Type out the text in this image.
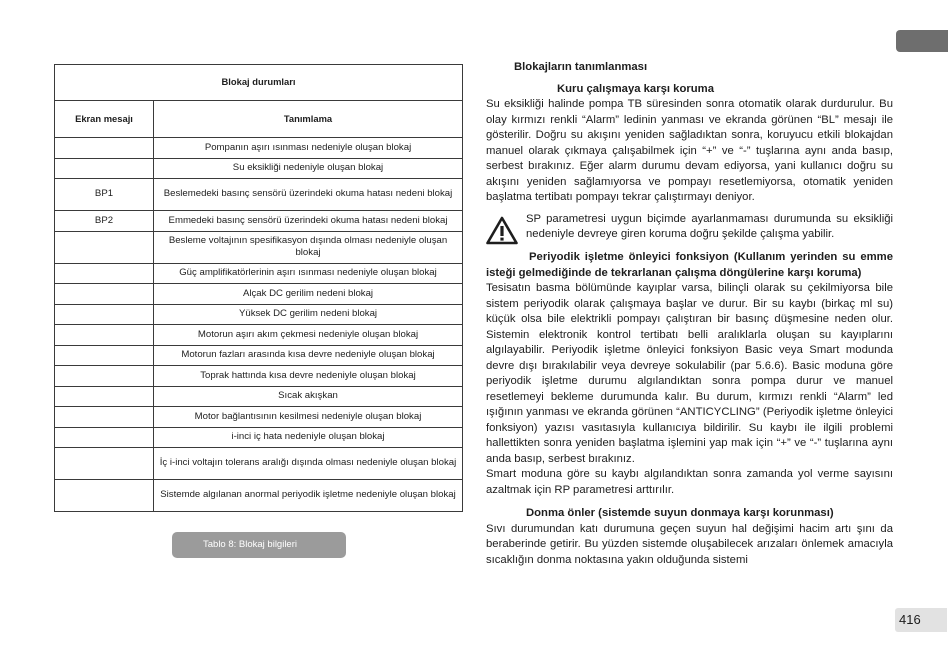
Blokaj durumları	
Ekran mesajı	Tanımlama
	Pompanın aşırı ısınması nedeniyle oluşan blokaj
	Su eksikliği nedeniyle oluşan blokaj
BP1	Beslemedeki basınç sensörü üzerindeki okuma hatası nedeni blokaj
BP2	Emmedeki basınç sensörü üzerindeki okuma hatası nedeni blokaj
	Besleme voltajının spesifikasyon dışında olması nedeniyle oluşan blokaj
	Güç amplifikatörlerinin aşırı ısınması nedeniyle oluşan blokaj
	Alçak DC gerilim nedeni blokaj
	Yüksek DC gerilim nedeni blokaj
	Motorun aşırı akım çekmesi nedeniyle oluşan blokaj
	Motorun fazları arasında kısa devre nedeniyle oluşan blokaj
	Toprak hattında kısa devre nedeniyle oluşan blokaj
	Sıcak akışkan
	Motor bağlantısının kesilmesi nedeniyle oluşan blokaj
	i-inci iç hata nedeniyle oluşan blokaj
	İç i-inci voltajın tolerans aralığı dışında olması nedeniyle oluşan blokaj
	Sistemde algılanan anormal periyodik işletme nedeniyle oluşan blokaj
Tablo 8: Blokaj bilgileri

Blokajların tanımlanması

Kuru çalışmaya karşı koruma

Su eksikliği halinde pompa TB süresinden sonra otomatik olarak durdurulur. Bu olay kırmızı renkli “Alarm” ledinin yanması ve ekranda görünen “BL” mesajı ile gösterilir. Doğru su akışını yeniden sağladıktan sonra, koruyucu etkili blokajdan manuel olarak çıkmaya çalışabilmek için “+” ve “-” tuşlarına aynı anda basıp, serbest bırakınız. Eğer alarm durumu devam ediyorsa, yani kullanıcı doğru su akışını yeniden sağlamıyorsa ve pompayı resetlemiyorsa, otomatik yeniden başlatma tertibatı pompayı tekrar çalıştırmayı deniyor.

SP parametresi uygun biçimde ayarlanmaması durumunda su eksikliği nedeniyle devreye giren koruma doğru şekilde çalışma yabilir.

Periyodik işletme önleyici fonksiyon (Kullanım yerinden su emme isteği gelmediğinde de tekrarlanan çalışma döngülerine karşı koruma)

Tesisatın basma bölümünde kayıplar varsa, bilinçli olarak su çekilmiyorsa bile sistem periyodik olarak çalışmaya başlar ve durur. Bir su kaybı (birkaç ml su) küçük olsa bile elektrikli pompayı çalıştıran bir basınç düşmesine neden olur. Sistemin elektronik kontrol tertibatı belli aralıklarla oluşan su kayıplarını algılayabilir. Periyodik işletme önleyici fonksiyon Basic veya Smart modunda devre dışı bırakılabilir veya devreye sokulabilir (par 5.6.6). Basic moduna göre periyodik işletme durumu algılandıktan sonra pompa durur ve manuel resetlemeyi bekleme durumunda kalır. Bu durum, kırmızı renkli “Alarm” led ışığının yanması ve ekranda görünen “ANTICYCLING” (Periyodik işletme önleyici fonksiyon) yazısı vasıtasıyla kullanıcıya bildirilir. Su kaybı ile ilgili problemi hallettikten sonra yeniden başlatma işlemini yap mak için “+” ve “-” tuşlarına aynı anda basıp, serbest bırakınız.

Smart moduna göre su kaybı algılandıktan sonra zamanda yol verme sayısını azaltmak için RP parametresi arttırılır.

Donma önler (sistemde suyun donmaya karşı korunması)

Sıvı durumundan katı durumuna geçen suyun hal değişimi hacim artı şını da beraberinde getirir. Bu yüzden sistemde oluşabilecek arızaları önlemek amacıyla sıcaklığın donma noktasına yakın olduğunda sistemi

416
